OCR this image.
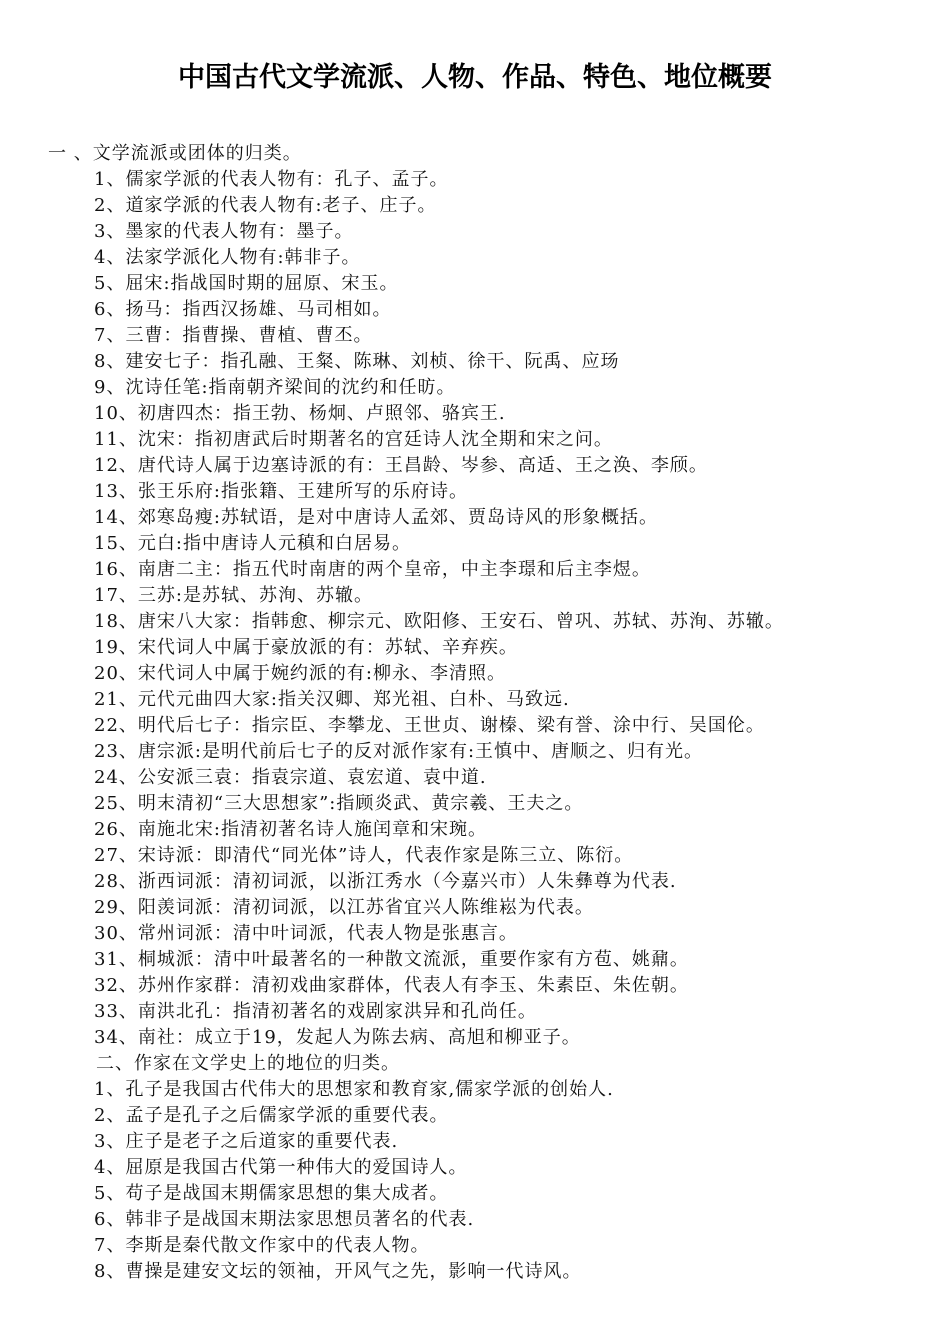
中国古代文学流派、人物、作品、特色、地位概要

一 、文学流派或团体的归类。

1、儒家学派的代表人物有：孔子、孟子。

2、道家学派的代表人物有:老子、庄子。

3、墨家的代表人物有：墨子。

4、法家学派化人物有:韩非子。

5、屈宋:指战国时期的屈原、宋玉。

6、扬马：指西汉扬雄、马司相如。

7、三曹：指曹操、曹植、曹丕。

8、建安七子：指孔融、王粲、陈琳、刘桢、徐干、阮禹、应玚

9、沈诗任笔:指南朝齐梁间的沈约和任昉。

10、初唐四杰：指王勃、杨炯、卢照邻、骆宾王.

11、沈宋：指初唐武后时期著名的宫廷诗人沈全期和宋之问。

12、唐代诗人属于边塞诗派的有：王昌龄、岑参、高适、王之涣、李颀。

13、张王乐府:指张籍、王建所写的乐府诗。

14、郊寒岛瘦:苏轼语，是对中唐诗人孟郊、贾岛诗风的形象概括。

15、元白:指中唐诗人元稹和白居易。

16、南唐二主：指五代时南唐的两个皇帝，中主李璟和后主李煜。

17、三苏:是苏轼、苏洵、苏辙。

18、唐宋八大家：指韩愈、柳宗元、欧阳修、王安石、曾巩、苏轼、苏洵、苏辙。

19、宋代词人中属于豪放派的有：苏轼、辛弃疾。

20、宋代词人中属于婉约派的有:柳永、李清照。

21、元代元曲四大家:指关汉卿、郑光祖、白朴、马致远.

22、明代后七子：指宗臣、李攀龙、王世贞、谢榛、梁有誉、涂中行、吴国伦。

23、唐宗派:是明代前后七子的反对派作家有:王慎中、唐顺之、归有光。

24、公安派三袁：指袁宗道、袁宏道、袁中道.

25、明末清初“三大思想家”:指顾炎武、黄宗羲、王夫之。

26、南施北宋:指清初著名诗人施闰章和宋琬。

27、宋诗派：即清代“同光体”诗人，代表作家是陈三立、陈衍。

28、浙西词派：清初词派，以浙江秀水（今嘉兴市）人朱彝尊为代表.

29、阳羡词派：清初词派，以江苏省宜兴人陈维崧为代表。

30、常州词派：清中叶词派，代表人物是张惠言。

31、桐城派：清中叶最著名的一种散文流派，重要作家有方苞、姚鼐。

32、苏州作家群：清初戏曲家群体，代表人有李玉、朱素臣、朱佐朝。

33、南洪北孔：指清初著名的戏剧家洪异和孔尚任。

34、南社：成立于19，发起人为陈去病、高旭和柳亚子。

二、作家在文学史上的地位的归类。

1、孔子是我国古代伟大的思想家和教育家,儒家学派的创始人.

2、孟子是孔子之后儒家学派的重要代表。

3、庄子是老子之后道家的重要代表.

4、屈原是我国古代第一种伟大的爱国诗人。

5、苟子是战国末期儒家思想的集大成者。

6、韩非子是战国末期法家思想员著名的代表.

7、李斯是秦代散文作家中的代表人物。

8、曹操是建安文坛的领袖，开风气之先，影响一代诗风。
